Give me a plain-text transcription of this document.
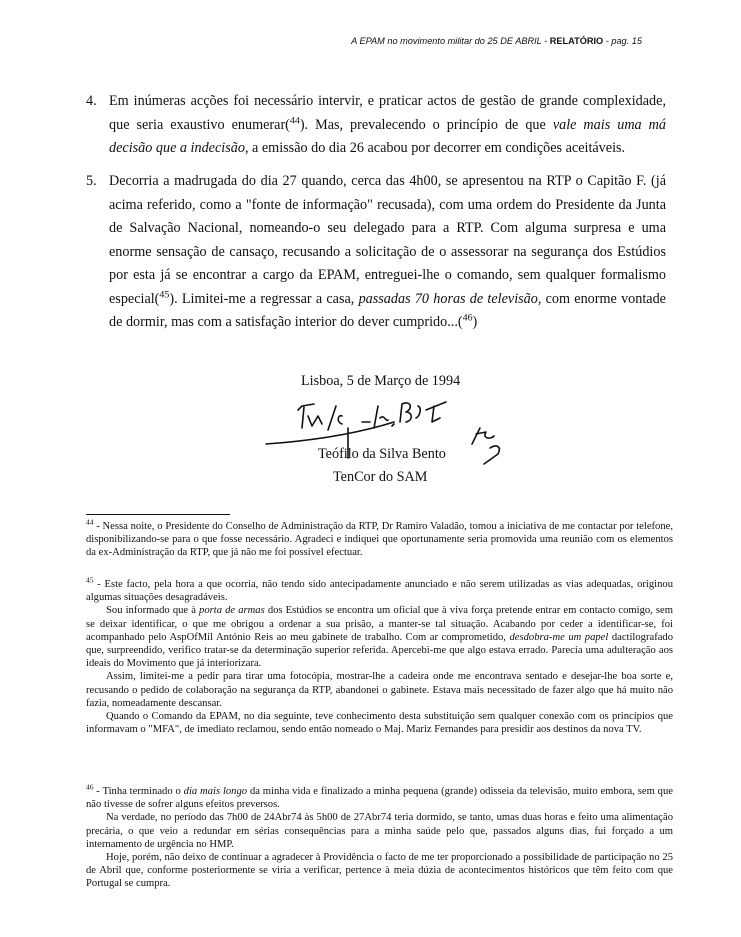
A EPAM no movimento militar do 25 DE ABRIL - RELATÓRIO - pag. 15
4. Em inúmeras acções foi necessário intervir, e praticar actos de gestão de grande complexidade, que seria exaustivo enumerar($^{44}$). Mas, prevalecendo o princípio de que vale mais uma má decisão que a indecisão, a emissão do dia 26 acabou por decorrer em condições aceitáveis.
5. Decorria a madrugada do dia 27 quando, cerca das 4h00, se apresentou na RTP o Capitão F. (já acima referido, como a "fonte de informação" recusada), com uma ordem do Presidente da Junta de Salvação Nacional, nomeando-o seu delegado para a RTP. Com alguma surpresa e uma enorme sensação de cansaço, recusando a solicitação de o assessorar na segurança dos Estúdios por esta já se encontrar a cargo da EPAM, entreguei-lhe o comando, sem qualquer formalismo especial($^{45}$). Limitei-me a regressar a casa, passadas 70 horas de televisão, com enorme vontade de dormir, mas com a satisfação interior do dever cumprido...($^{46}$)
Lisboa, 5 de Março de 1994
Teófilo da Silva Bento
TenCor do SAM

$^{44}$ - Nessa noite, o Presidente do Conselho de Administração da RTP, Dr Ramiro Valadão, tomou a iniciativa de me contactar por telefone, disponibilizando-se para o que fosse necessário. Agradeci e indiquei que oportunamente seria promovida uma reunião com os elementos da ex-Administração da RTP, que já não me foi possível efectuar.

$^{45}$ - Este facto, pela hora a que ocorria, não tendo sido antecipadamente anunciado e não serem utilizadas as vias adequadas, originou algumas situações desagradáveis.

Sou informado que à porta de armas dos Estúdios se encontra um oficial que à viva força pretende entrar em contacto comigo, sem se deixar identificar, o que me obrigou a ordenar a sua prisão, a manter-se tal situação. Acabando por ceder a identificar-se, foi acompanhado pelo AspOfMil António Reis ao meu gabinete de trabalho. Com ar comprometido, desdobra-me um papel dactilografado que, surpreendido, verifico tratar-se da determinação superior referida. Apercebi-me que algo estava errado. Parecia uma adulteração aos ideais do Movimento que já interiorizara.

Assim, limitei-me a pedir para tirar uma fotocópia, mostrar-lhe a cadeira onde me encontrava sentado e desejar-lhe boa sorte e, recusando o pedido de colaboração na segurança da RTP, abandonei o gabinete. Estava mais necessitado de fazer algo que há muito não fazia, nomeadamente descansar.

Quando o Comando da EPAM, no dia seguinte, teve conhecimento desta substituição sem qualquer conexão com os princípios que informavam o "MFA", de imediato reclamou, sendo então nomeado o Maj. Mariz Fernandes para presidir aos destinos da nova TV.

$^{46}$ - Tinha terminado o dia mais longo da minha vida e finalizado a minha pequena (grande) odisseia da televisão, muito embora, sem que não tivesse de sofrer alguns efeitos preversos.

Na verdade, no período das 7h00 de 24Abr74 às 5h00 de 27Abr74 teria dormido, se tanto, umas duas horas e feito uma alimentação precária, o que veio a redundar em sérias consequências para a minha saúde pelo que, passados alguns dias, fui forçado a um internamento de urgência no HMP.

Hoje, porém, não deixo de continuar a agradecer à Providência o facto de me ter proporcionado a possibilidade de participação no 25 de Abril que, conforme posteriormente se viria a verificar, pertence à meia dúzia de acontecimentos históricos que têm feito com que Portugal se cumpra.
